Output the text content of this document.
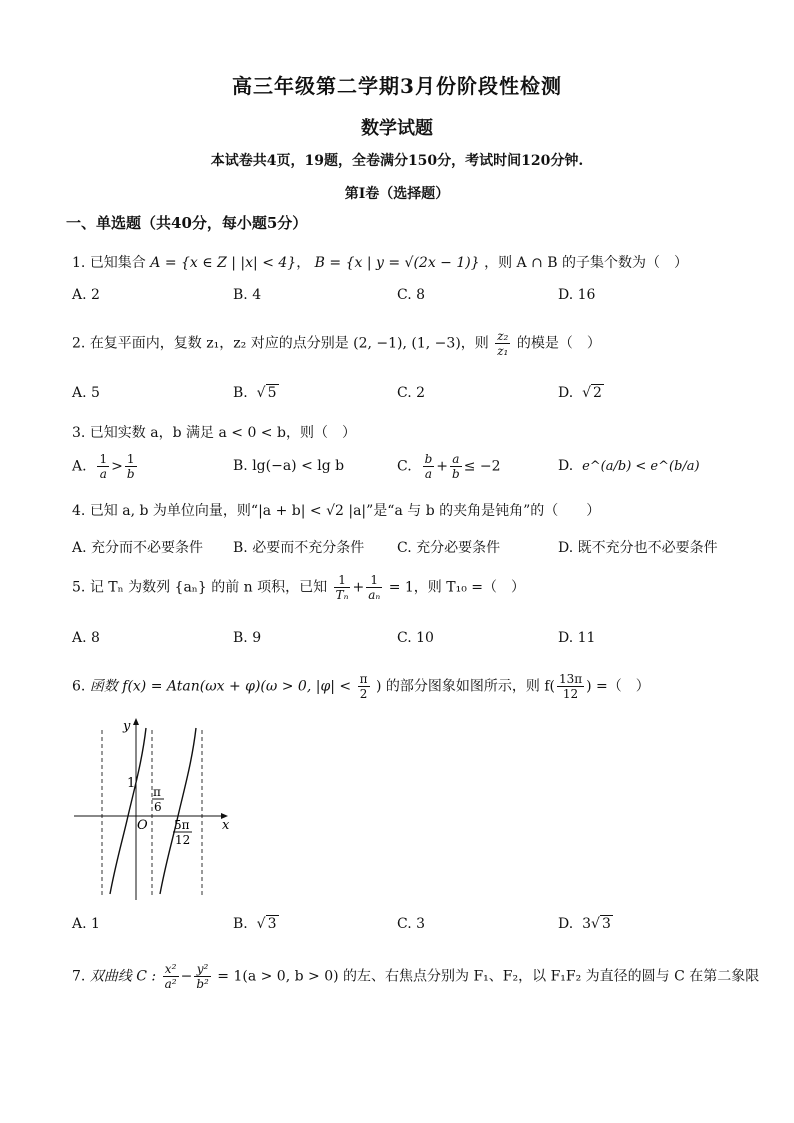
高三年级第二学期3月份阶段性检测
数学试题
本试卷共4页，19题，全卷满分150分，考试时间120分钟.
第I卷（选择题）
一、单选题（共40分，每小题5分）
1. 已知集合 A = {x ∈ Z | |x| < 4}， B = {x | y = √(2x − 1)} ，则 A ∩ B 的子集个数为（　）
A. 2	B. 4	C. 8	D. 16
2. 在复平面内，复数 z₁，z₂ 对应的点分别是 (2, −1), (1, −3)，则 $\frac{\text{z₂}}{\text{z₁}}$ 的模是（　）
A. 5	B.  √ 5	C. 2	D.  √ 2
3. 已知实数 a，b 满足 a < 0 < b，则（　）
A. $\frac{1}{a} > \frac{1}{b}$	B. lg(−a) < lg b	C. $\frac{b}{a} + \frac{a}{b} \le -2$	D. e^(a/b) < e^(b/a)
4. 已知 a, b 为单位向量，则“|a + b| < √2 |a|”是“a 与 b 的夹角是钝角”的（　　）
A. 充分而不必要条件 B. 必要而不充分条件 C. 充分必要条件	D. 既不充分也不必要条件
5. 记 Tₙ 为数列 {aₙ} 的前 n 项积，已知 $\frac{1}{\text{Tₙ}} + \frac{1}{\text{aₙ}} = 1$，则 T₁₀ =（　）
A. 8	B. 9	C. 10	D. 11
6. 函数 f(x) = Atan(ωx + φ)(ω > 0, $|\varphi| < \frac{\pi}{2}$ ) 的部分图象如图所示，则 $f( \frac{13\pi}{12}$ ) =（　）
y
x
O
1
π
6
5π
12
A. 1	B.  √ 3	C. 3	D. 3√ 3
7. 双曲线 C : $\frac{\text{x²}}{\text{a²}} - \frac{\text{y²}}{\text{b²}} = 1(a > 0$, b > 0) 的左、右焦点分别为 F₁、F₂，以 F₁F₂ 为直径的圆与 C 在第二象限
